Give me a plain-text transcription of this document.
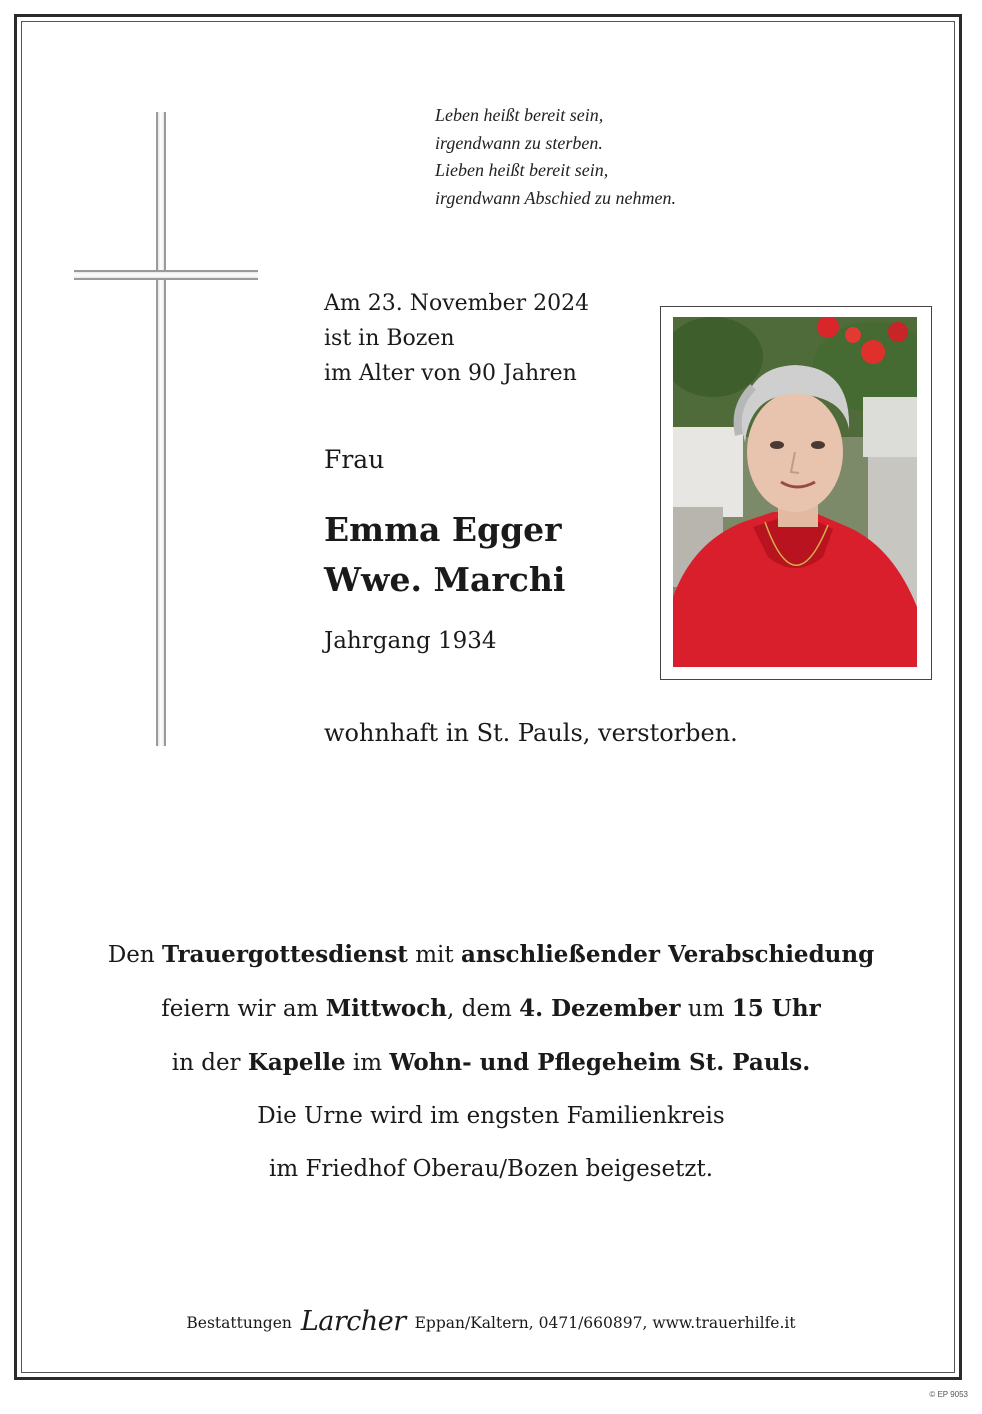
Leben heißt bereit sein,
irgendwann zu sterben.
Lieben heißt bereit sein,
irgendwann Abschied zu nehmen.
Am 23. November 2024
ist in Bozen
im Alter von 90 Jahren
Frau
Emma Egger
Wwe. Marchi
Jahrgang 1934
wohnhaft in St. Pauls, verstorben.
Den Trauergottesdienst mit anschließender Verabschiedung
feiern wir am Mittwoch, dem 4. Dezember um 15 Uhr
in der Kapelle im Wohn- und Pflegeheim St. Pauls.
Die Urne wird im engsten Familienkreis
im Friedhof Oberau/Bozen beigesetzt.
Bestattungen Larcher Eppan/Kaltern, 0471/660897, www.trauerhilfe.it
© EP 9053
